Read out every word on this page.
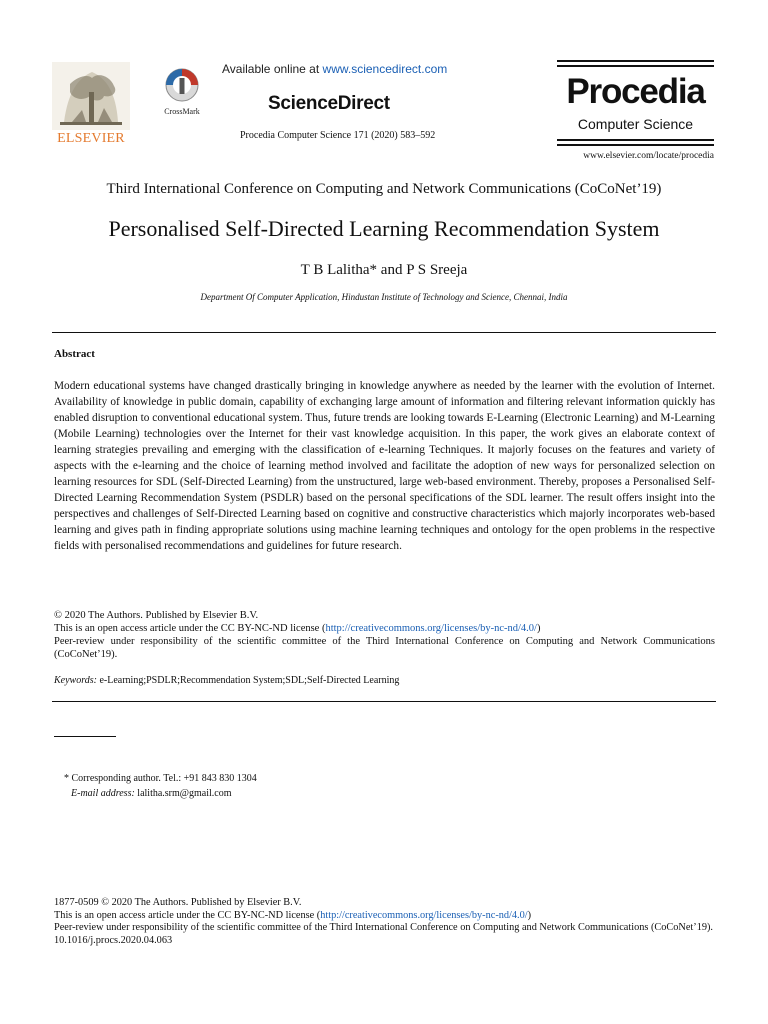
ELSEVIER
CrossMark
Available online at www.sciencedirect.com
ScienceDirect
Procedia Computer Science 171 (2020) 583–592
Procedia
Computer Science
www.elsevier.com/locate/procedia
Third International Conference on Computing and Network Communications (CoCoNet’19)
Personalised Self-Directed Learning Recommendation System
T B Lalitha* and P S Sreeja
Department Of Computer Application, Hindustan Institute of Technology and Science, Chennai, India
Abstract
Modern educational systems have changed drastically bringing in knowledge anywhere as needed by the learner with the evolution of Internet. Availability of knowledge in public domain, capability of exchanging large amount of information and filtering relevant information quickly has enabled disruption to conventional educational system. Thus, future trends are looking towards E-Learning (Electronic Learning) and M-Learning (Mobile Learning) technologies over the Internet for their vast knowledge acquisition. In this paper, the work gives an elaborate context of learning strategies prevailing and emerging with the classification of e-learning Techniques. It majorly focuses on the features and variety of aspects with the e-learning and the choice of learning method involved and facilitate the adoption of new ways for personalized selection on learning resources for SDL (Self-Directed Learning) from the unstructured, large web-based environment. Thereby, proposes a Personalised Self-Directed Learning Recommendation System (PSDLR) based on the personal specifications of the SDL learner. The result offers insight into the perspectives and challenges of Self-Directed Learning based on cognitive and constructive characteristics which majorly incorporates web-based learning and gives path in finding appropriate solutions using machine learning techniques and ontology for the open problems in the respective fields with personalised recommendations and guidelines for future research.
© 2020 The Authors. Published by Elsevier B.V.
This is an open access article under the CC BY-NC-ND license (http://creativecommons.org/licenses/by-nc-nd/4.0/)
Peer-review under responsibility of the scientific committee of the Third International Conference on Computing and Network Communications (CoCoNet’19).
Keywords: e-Learning;PSDLR;Recommendation System;SDL;Self-Directed Learning
* Corresponding author. Tel.: +91 843 830 1304
E-mail address: lalitha.srm@gmail.com
1877-0509 © 2020 The Authors. Published by Elsevier B.V.
This is an open access article under the CC BY-NC-ND license (http://creativecommons.org/licenses/by-nc-nd/4.0/)
Peer-review under responsibility of the scientific committee of the Third International Conference on Computing and Network Communications (CoCoNet’19).
10.1016/j.procs.2020.04.063
